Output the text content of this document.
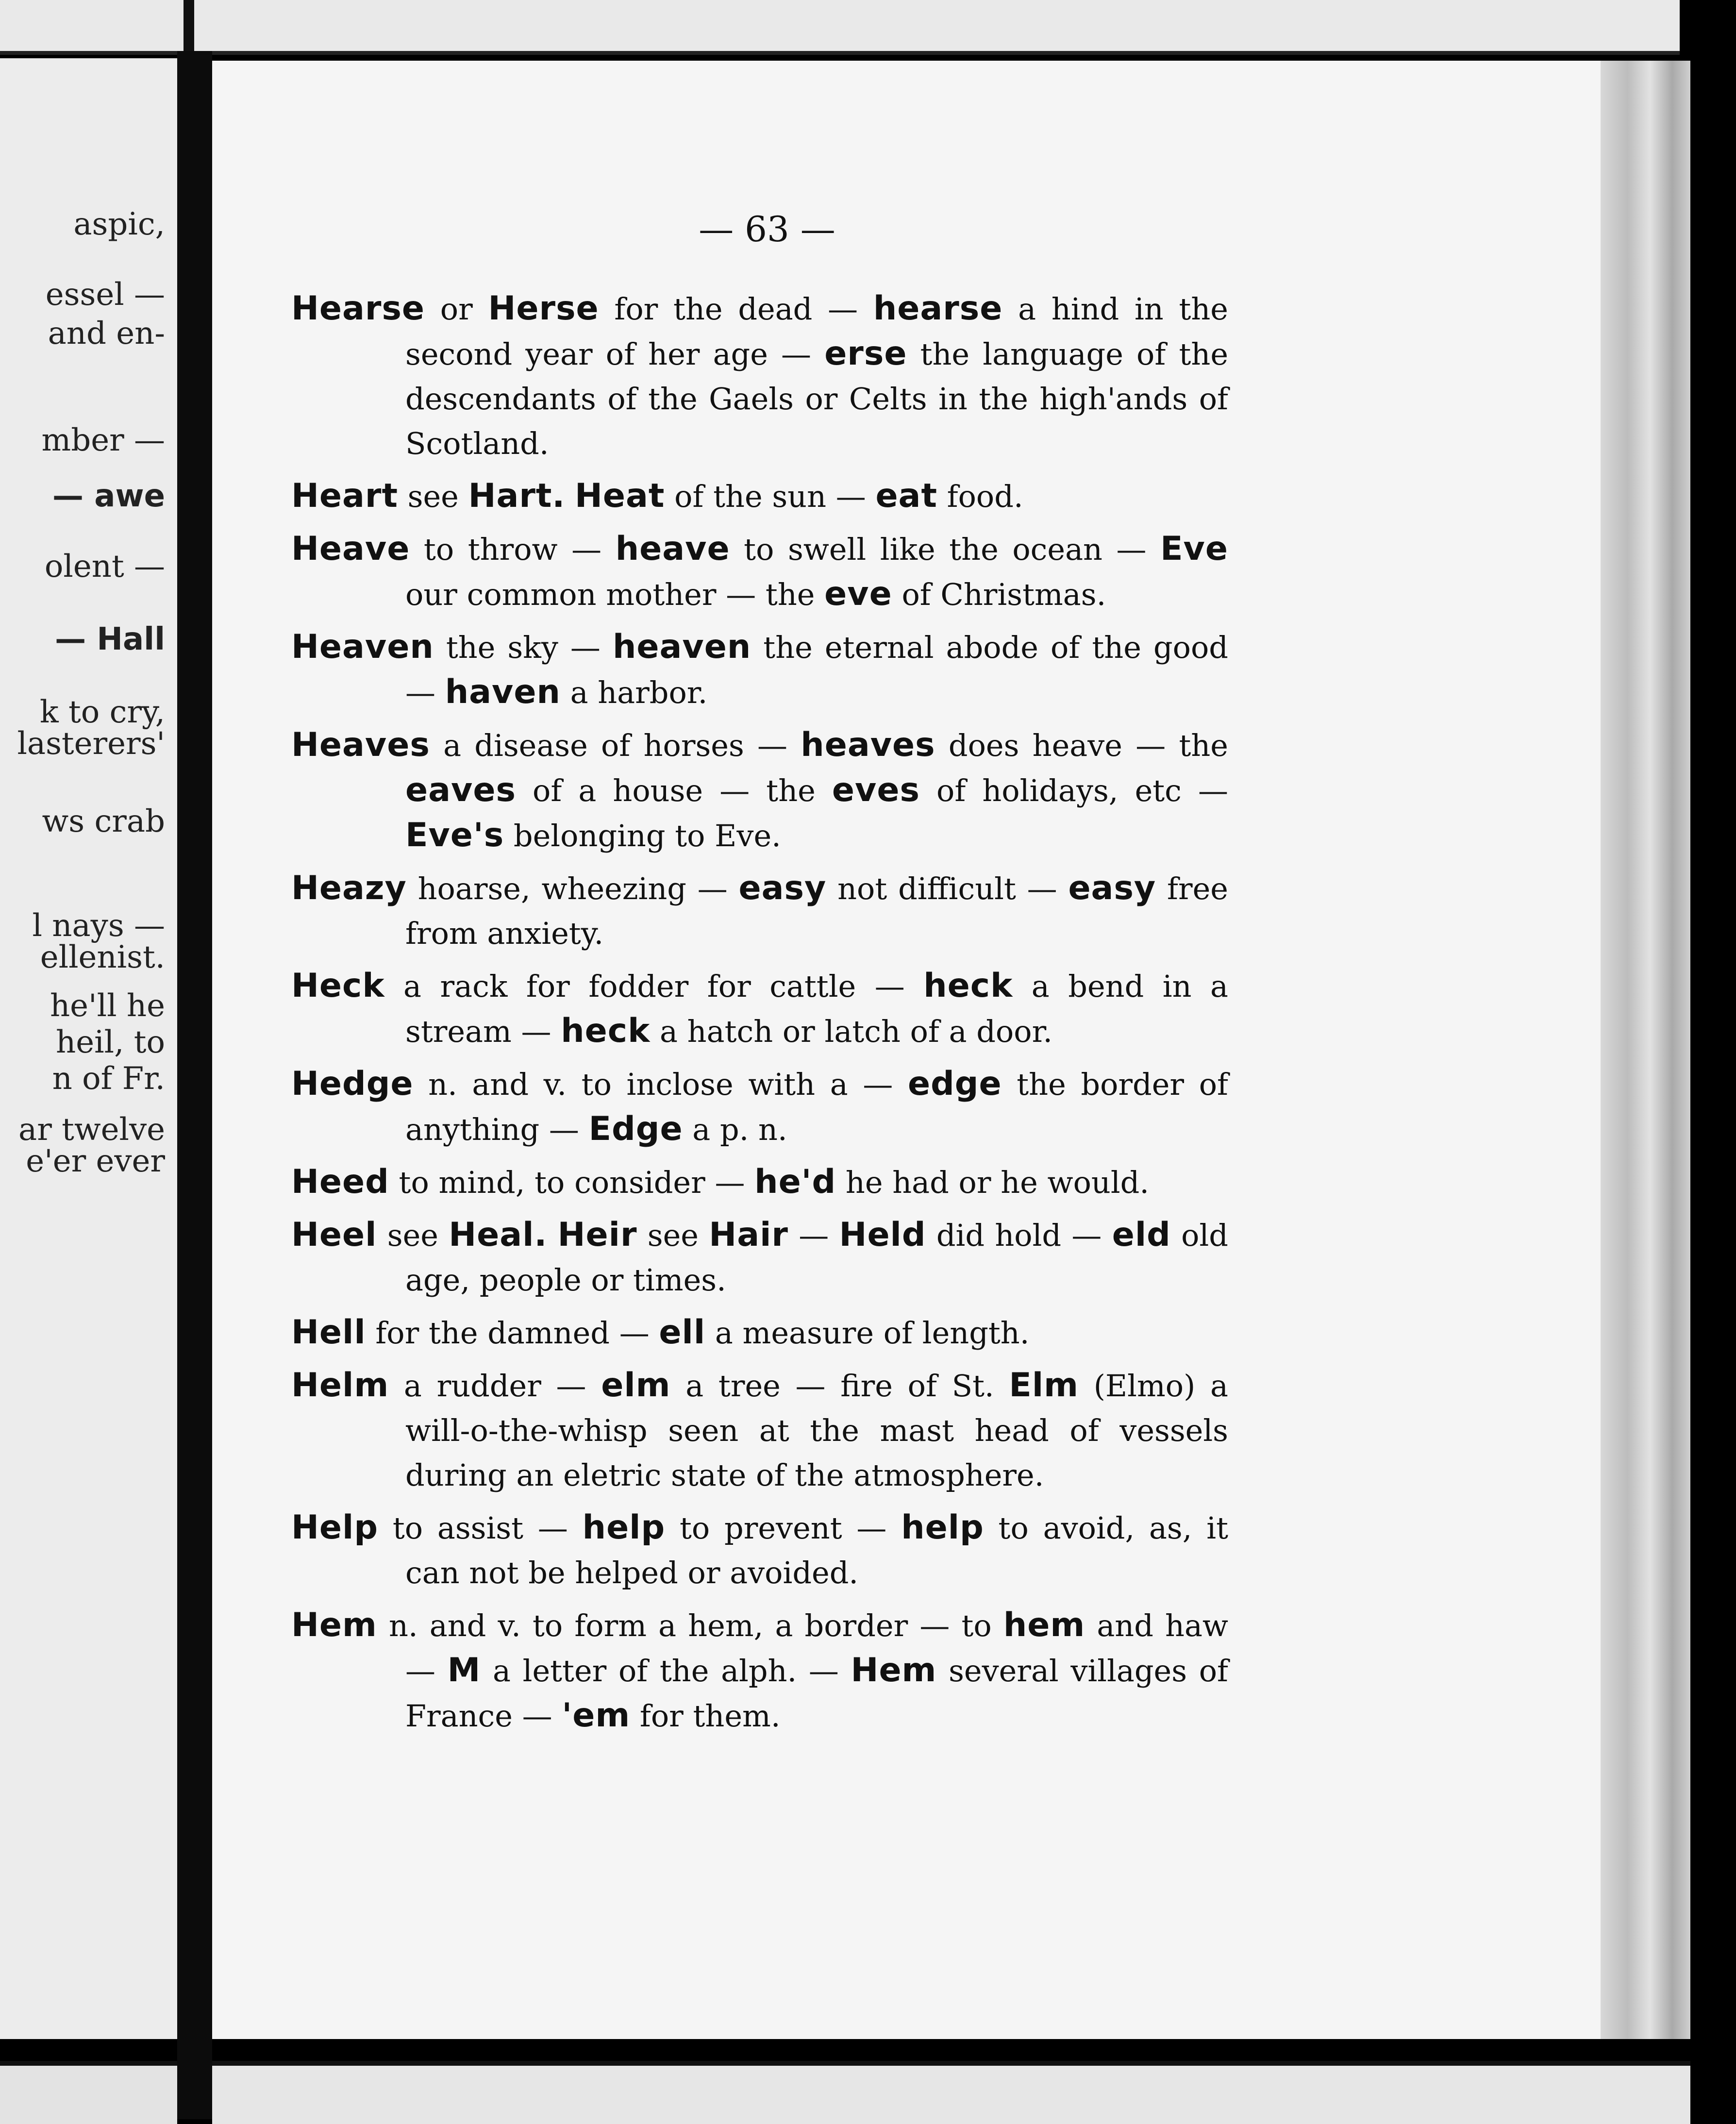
aspic,
essel —
and en-
mber —
— awe
olent —
— Hall
k to cry,
lasterers'
ws crab
l nays —
ellenist.
he'll he
heil, to
n of Fr.
ar twelve
e'er ever
— 63 —

Hearse or Herse for the dead — hearse a hind in the second year of her age — erse the language of the descendants of the Gaels or Celts in the high'ands of Scotland.

Heart see Hart. Heat of the sun — eat food.

Heave to throw — heave to swell like the ocean — Eve our common mother — the eve of Christmas.

Heaven the sky — heaven the eternal abode of the good — haven a harbor.

Heaves a disease of horses — heaves does heave — the eaves of a house — the eves of holidays, etc — Eve's belonging to Eve.

Heazy hoarse, wheezing — easy not difficult — easy free from anxiety.

Heck a rack for fodder for cattle — heck a bend in a stream — heck a hatch or latch of a door.

Hedge n. and v. to inclose with a — edge the border of anything — Edge a p. n.

Heed to mind, to consider — he'd he had or he would.

Heel see Heal. Heir see Hair — Held did hold — eld old age, people or times.

Hell for the damned — ell a measure of length.

Helm a rudder — elm a tree — fire of St. Elm (Elmo) a will-o-the-whisp seen at the mast head of vessels during an eletric state of the atmosphere.

Help to assist — help to prevent — help to avoid, as, it can not be helped or avoided.

Hem n. and v. to form a hem, a border — to hem and haw — M a letter of the alph. — Hem several villages of France — 'em for them.
